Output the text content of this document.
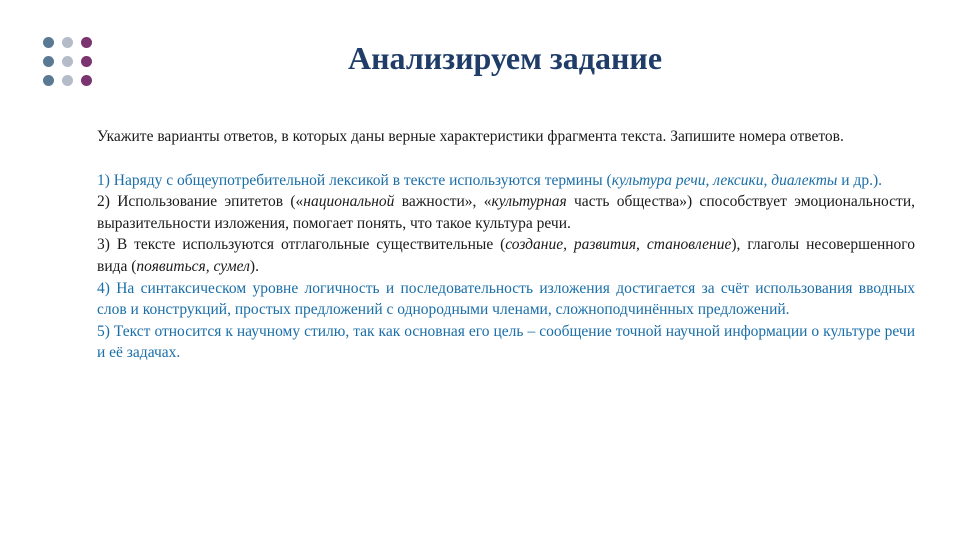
Анализируем задание

Укажите варианты ответов, в которых даны верные характеристики фрагмента текста. Запишите номера ответов.

1) Наряду с общеупотребительной лексикой в тексте используются термины (культура речи, лексики, диалекты и др.).

2) Использование эпитетов («национальной важности», «культурная часть общества») способствует эмоциональности, выразительности изложения, помогает понять, что такое культура речи.

3) В тексте используются отглагольные существительные (создание, развития, становление), глаголы несовершенного вида (появиться, сумел).

4) На синтаксическом уровне логичность и последовательность изложения достигается за счёт использования вводных слов и конструкций, простых предложений с однородными членами, сложноподчинённых предложений.

5) Текст относится к научному стилю, так как основная его цель – сообщение точной научной информации о культуре речи и её задачах.
